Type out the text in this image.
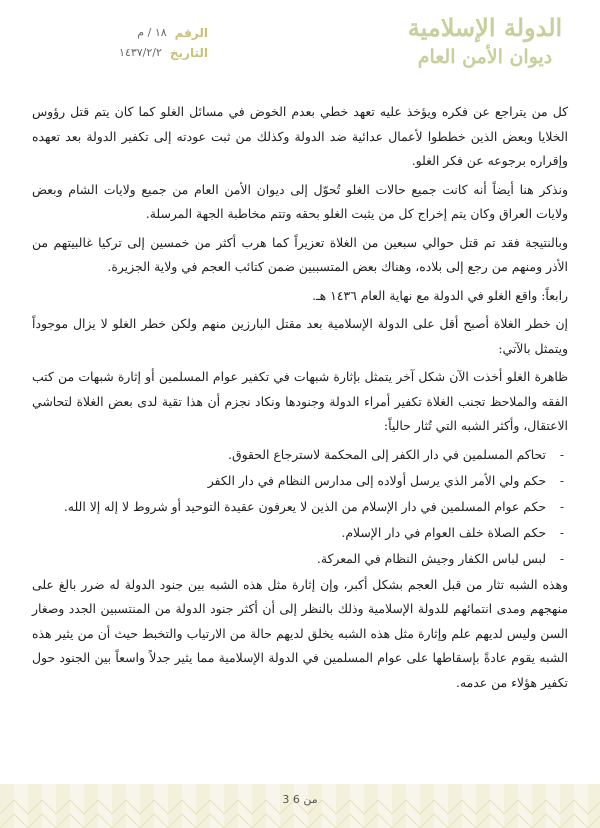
الرقم
١٨ / م
التاريخ
١٤٣٧/٢/٢
الدولة الإسلامية
ديوان الأمن العام

كل من يتراجع عن فكره ويؤخذ عليه تعهد خطي بعدم الخوض في مسائل الغلو كما كان يتم قتل رؤوس الخلايا وبعض الذين خططوا لأعمال عدائية ضد الدولة وكذلك من ثبت عودته إلى تكفير الدولة بعد تعهده وإقراره برجوعه عن فكر الغلو.

ونذكر هنا أيضاً أنه كانت جميع حالات الغلو تُحوّل إلى ديوان الأمن العام من جميع ولايات الشام وبعض ولايات العراق وكان يتم إخراج كل من يثبت الغلو بحقه وتتم مخاطبة الجهة المرسلة.

وبالنتيجة فقد تم قتل حوالي سبعين من الغلاة تعزيراً كما هرب أكثر من خمسين إلى تركيا غالبيتهم من الأذر ومنهم من رجع إلى بلاده، وهناك بعض المتسببين ضمن كتائب العجم في ولاية الجزيرة.

رابعاً: واقع الغلو في الدولة مع نهاية العام ١٤٣٦ هـ.

إن خطر الغلاة أصبح أقل على الدولة الإسلامية بعد مقتل البارزين منهم ولكن خطر الغلو لا يزال موجوداً ويتمثل بالآتي:

ظاهرة الغلو أخذت الآن شكل آخر يتمثل بإثارة شبهات في تكفير عوام المسلمين أو إثارة شبهات من كتب الفقه والملاحظ تجنب الغلاة تكفير أمراء الدولة وجنودها ونكاد نجزم أن هذا تقية لدى بعض الغلاة لتحاشي الاعتقال، وأكثر الشبه التي تُثار حالياً:

- تحاكم المسلمين في دار الكفر إلى المحكمة لاسترجاع الحقوق.
- حكم ولي الأمر الذي يرسل أولاده إلى مدارس النظام في دار الكفر
- حكم عوام المسلمين في دار الإسلام من الذين لا يعرفون عقيدة التوحيد أو شروط لا إله إلا الله.
- حكم الصلاة خلف العوام في دار الإسلام.
- لبس لباس الكفار وجيش النظام في المعركة.

وهذه الشبه تثار من قبل العجم بشكل أكبر، وإن إثارة مثل هذه الشبه بين جنود الدولة له ضرر بالغ على منهجهم ومدى انتمائهم للدولة الإسلامية وذلك بالنظر إلى أن أكثر جنود الدولة من المنتسبين الجدد وصغار السن وليس لديهم علم وإثارة مثل هذه الشبه يخلق لديهم حالة من الارتياب والتخبط حيث أن من يثير هذه الشبه يقوم عادةً بإسقاطها على عوام المسلمين في الدولة الإسلامية مما يثير جدلاً واسعاً بين الجنود حول تكفير هؤلاء من عدمه.

3 من 6
